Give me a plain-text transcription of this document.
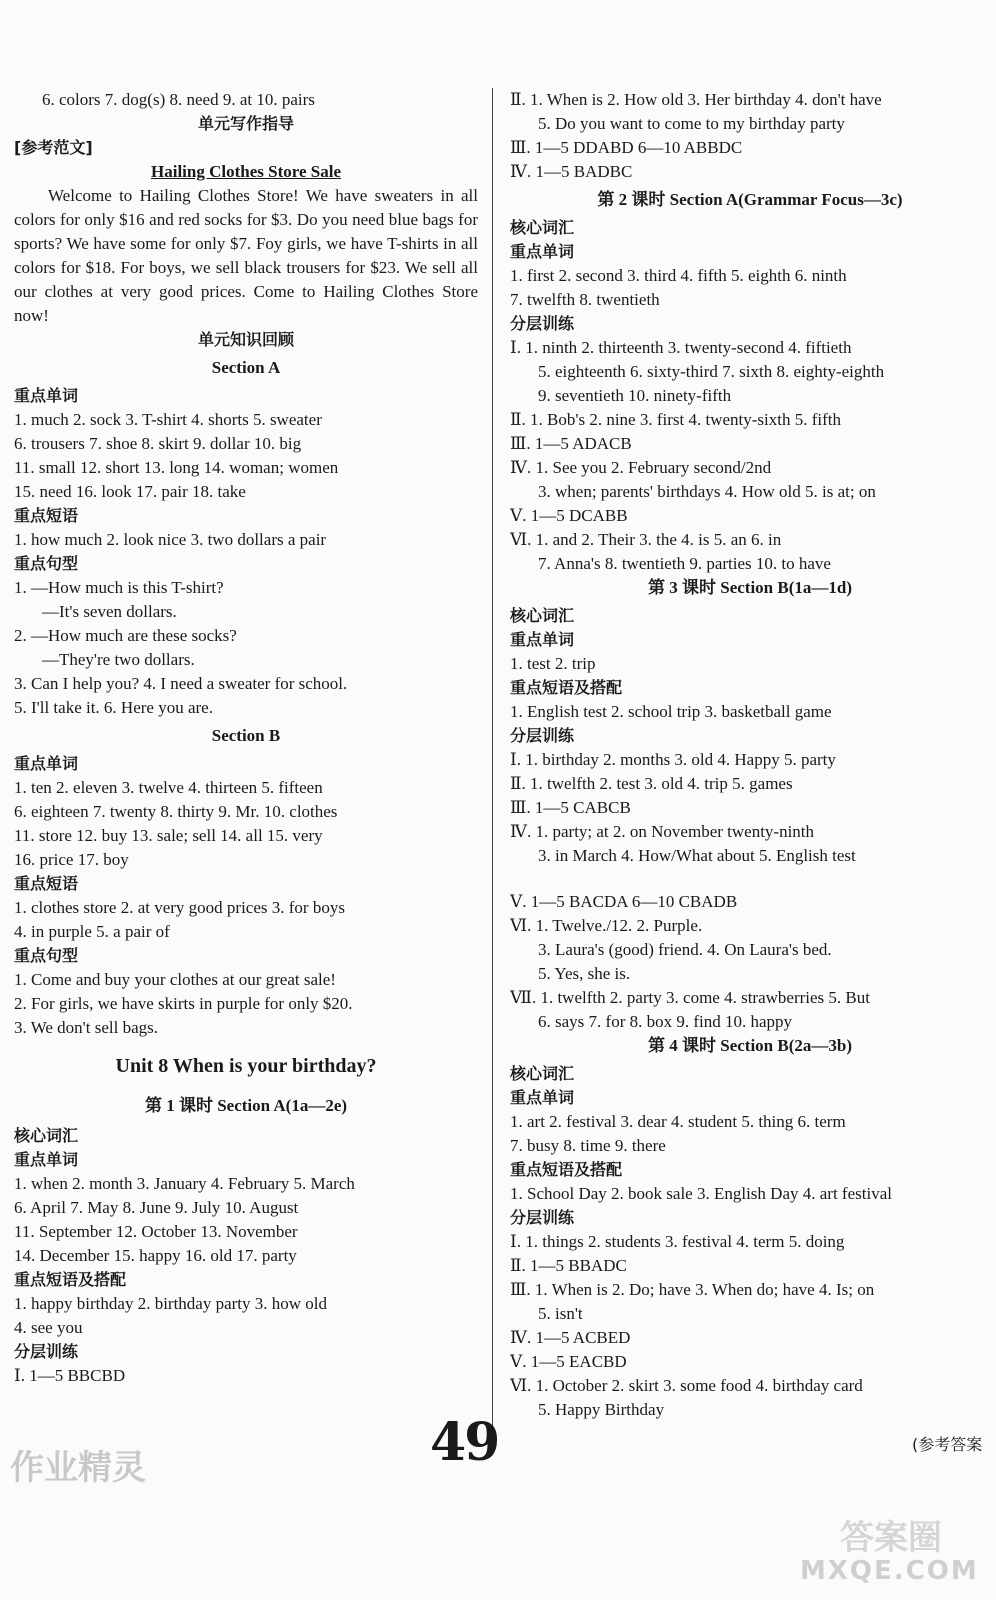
6. colors 7. dog(s) 8. need 9. at 10. pairs
单元写作指导
[参考范文]
Hailing Clothes Store Sale

Welcome to Hailing Clothes Store! We have sweaters in all colors for only $16 and red socks for $3. Do you need blue bags for sports? We have some for only $7. Foy girls, we have T-shirts in all colors for $18. For boys, we sell black trousers for $23. We sell all our clothes at very good prices. Come to Hailing Clothes Store now!

单元知识回顾
Section A
重点单词
1. much 2. sock 3. T-shirt 4. shorts 5. sweater
6. trousers 7. shoe 8. skirt 9. dollar 10. big
11. small 12. short 13. long 14. woman; women
15. need 16. look 17. pair 18. take
重点短语
1. how much 2. look nice 3. two dollars a pair
重点句型
1. —How much is this T-shirt?
—It's seven dollars.
2. —How much are these socks?
—They're two dollars.
3. Can I help you? 4. I need a sweater for school.
5. I'll take it. 6. Here you are.
Section B
重点单词
1. ten 2. eleven 3. twelve 4. thirteen 5. fifteen
6. eighteen 7. twenty 8. thirty 9. Mr. 10. clothes
11. store 12. buy 13. sale; sell 14. all 15. very
16. price 17. boy
重点短语
1. clothes store 2. at very good prices 3. for boys
4. in purple 5. a pair of
重点句型
1. Come and buy your clothes at our great sale!
2. For girls, we have skirts in purple for only $20.
3. We don't sell bags.
Unit 8 When is your birthday?
第 1 课时 Section A(1a—2e)
核心词汇
重点单词
1. when 2. month 3. January 4. February 5. March
6. April 7. May 8. June 9. July 10. August
11. September 12. October 13. November
14. December 15. happy 16. old 17. party
重点短语及搭配
1. happy birthday 2. birthday party 3. how old
4. see you
分层训练
Ⅰ. 1—5 BBCBD
Ⅱ. 1. When is 2. How old 3. Her birthday 4. don't have
5. Do you want to come to my birthday party
Ⅲ. 1—5 DDABD 6—10 ABBDC
Ⅳ. 1—5 BADBC
第 2 课时 Section A(Grammar Focus—3c)
核心词汇
重点单词
1. first 2. second 3. third 4. fifth 5. eighth 6. ninth
7. twelfth 8. twentieth
分层训练
Ⅰ. 1. ninth 2. thirteenth 3. twenty-second 4. fiftieth
5. eighteenth 6. sixty-third 7. sixth 8. eighty-eighth
9. seventieth 10. ninety-fifth
Ⅱ. 1. Bob's 2. nine 3. first 4. twenty-sixth 5. fifth
Ⅲ. 1—5 ADACB
Ⅳ. 1. See you 2. February second/2nd
3. when; parents' birthdays 4. How old 5. is at; on
Ⅴ. 1—5 DCABB
Ⅵ. 1. and 2. Their 3. the 4. is 5. an 6. in
7. Anna's 8. twentieth 9. parties 10. to have
第 3 课时 Section B(1a—1d)
核心词汇
重点单词
1. test 2. trip
重点短语及搭配
1. English test 2. school trip 3. basketball game
分层训练
Ⅰ. 1. birthday 2. months 3. old 4. Happy 5. party
Ⅱ. 1. twelfth 2. test 3. old 4. trip 5. games
Ⅲ. 1—5 CABCB
Ⅳ. 1. party; at 2. on November twenty-ninth
3. in March 4. How/What about 5. English test
Ⅴ. 1—5 BACDA 6—10 CBADB
Ⅵ. 1. Twelve./12. 2. Purple.
3. Laura's (good) friend. 4. On Laura's bed.
5. Yes, she is.
Ⅶ. 1. twelfth 2. party 3. come 4. strawberries 5. But
6. says 7. for 8. box 9. find 10. happy
第 4 课时 Section B(2a—3b)
核心词汇
重点单词
1. art 2. festival 3. dear 4. student 5. thing 6. term
7. busy 8. time 9. there
重点短语及搭配
1. School Day 2. book sale 3. English Day 4. art festival
分层训练
Ⅰ. 1. things 2. students 3. festival 4. term 5. doing
Ⅱ. 1—5 BBADC
Ⅲ. 1. When is 2. Do; have 3. When do; have 4. Is; on
5. isn't
Ⅳ. 1—5 ACBED
Ⅴ. 1—5 EACBD
Ⅵ. 1. October 2. skirt 3. some food 4. birthday card
5. Happy Birthday
49	(参考答案
作业精灵
答案圈
MXQE.COM
